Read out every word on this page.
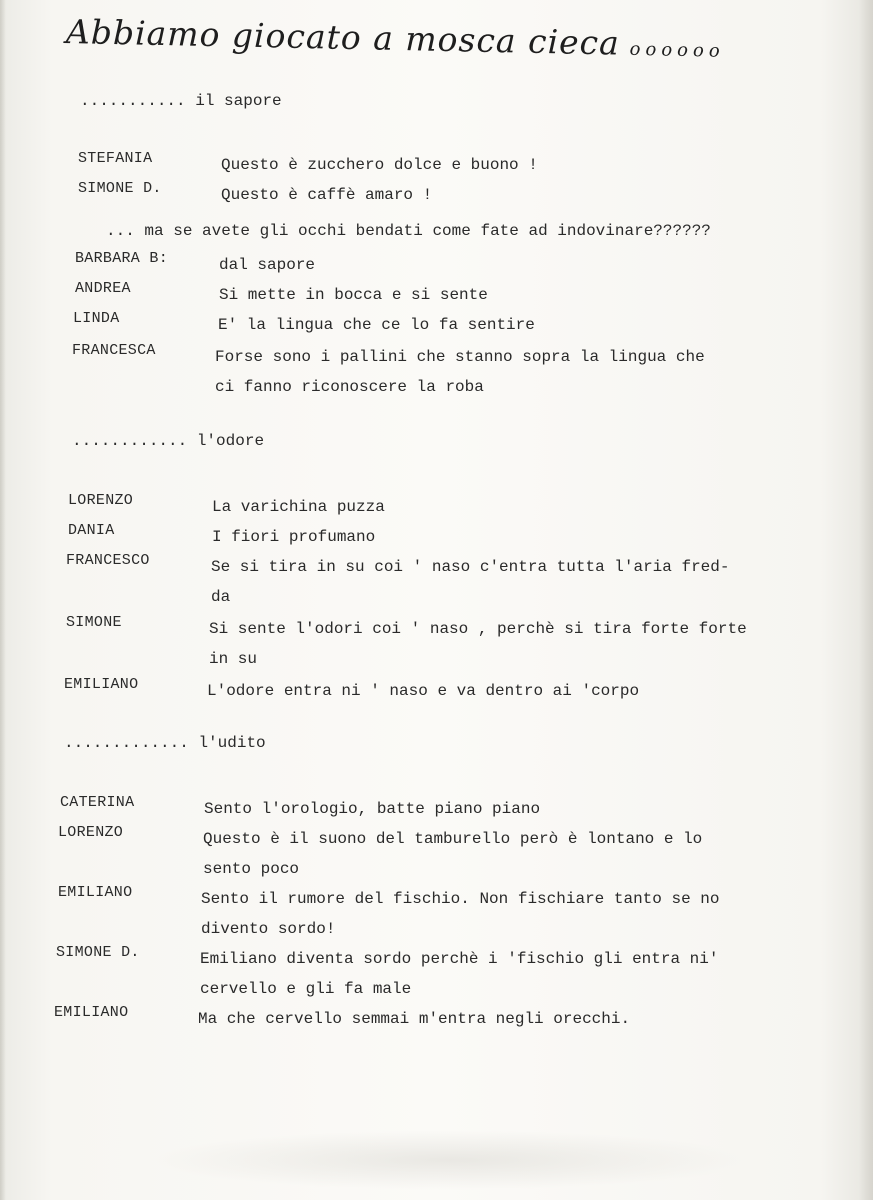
Abbiamo giocato a mosca cieca oooooo
........... il sapore
STEFANIA	Questo è zucchero dolce e buono !
SIMONE D.	Questo è caffè amaro !
... ma se avete gli occhi bendati come fate ad indovinare??????
BARBARA B:	dal sapore
ANDREA	Si mette in bocca e si sente
LINDA	E' la lingua che ce lo fa sentire
FRANCESCA	Forse sono i pallini che stanno sopra la lingua che
ci fanno riconoscere la roba
............ l'odore
LORENZO	La varichina puzza
DANIA	I fiori profumano
FRANCESCO	Se si tira in su coi ' naso c'entra tutta l'aria fred-
da
SIMONE	Si sente l'odori coi ' naso , perchè si tira forte forte
in su
EMILIANO	L'odore entra ni ' naso e va dentro ai 'corpo
............. l'udito
CATERINA	Sento l'orologio, batte piano piano
LORENZO	Questo è il suono del tamburello però è lontano e lo
sento poco
EMILIANO	Sento il rumore del fischio. Non fischiare tanto se no
divento sordo!
SIMONE D.	Emiliano diventa sordo perchè i 'fischio gli entra ni'
cervello e gli fa male
EMILIANO	Ma che cervello semmai m'entra negli orecchi.
